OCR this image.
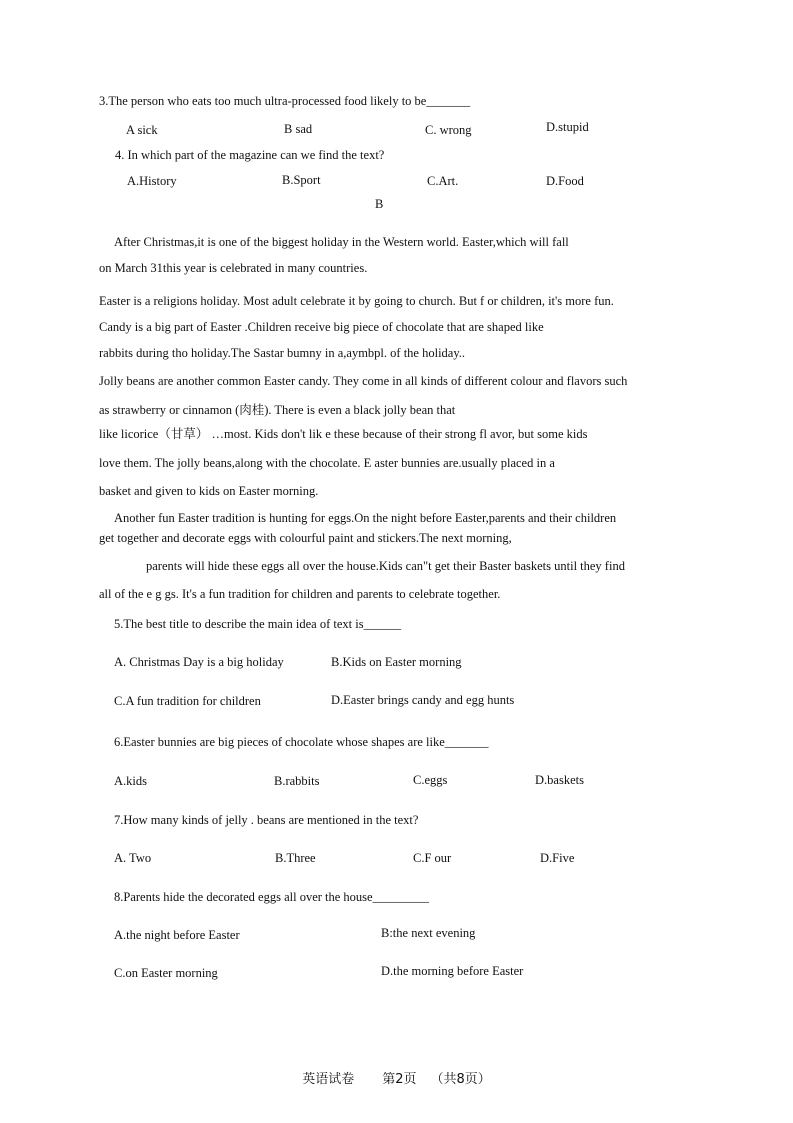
3.The person who eats too much ultra-processed food likely to be_______
A sick	B sad	C. wrong	D.stupid
4. In which part of the magazine can we find the text?
A.History	B.Sport	C.Art.	D.Food
B
After Christmas,it is one of the biggest holiday in the Western world. Easter,which will fall
on March 31this year is celebrated in many countries.
Easter is a religions holiday. Most adult celebrate it by going to church. But f or children, it's more fun.
Candy is a big part of Easter .Children receive big piece of chocolate that are shaped like
rabbits during tho holiday.The Sastar bumny in a,aymbpl. of the holiday..
Jolly beans are another common Easter candy. They come in all kinds of different colour and flavors such
as strawberry or cinnamon (肉桂). There is even a black jolly bean that
like licorice（甘草） …most. Kids don't lik e these because of their strong fl avor, but some kids
love them. The jolly beans,along with the chocolate. E aster bunnies are.usually placed in a
basket and given to kids on Easter morning.
Another fun Easter tradition is hunting for eggs.On the night before Easter,parents and their children
get together and decorate eggs with colourful paint and stickers.The next morning,
parents will hide these eggs all over the house.Kids can"t get their Baster baskets until they find
all of the e g gs. It's a fun tradition for children and parents to celebrate together.
5.The best title to describe the main idea of text is______
A. Christmas Day is a big holiday	B.Kids on Easter morning
C.A fun tradition for children	D.Easter brings candy and egg hunts
6.Easter bunnies are big pieces of chocolate whose shapes are like_______
A.kids	B.rabbits	C.eggs	D.baskets
7.How many kinds of jelly . beans are mentioned in the text?
A. Two	B.Three	C.F our	D.Five
8.Parents hide the decorated eggs all over the house_________
A.the night before Easter	B:the next evening
C.on Easter morning	D.the morning before Easter
英语试卷 第2页 （共8页）
